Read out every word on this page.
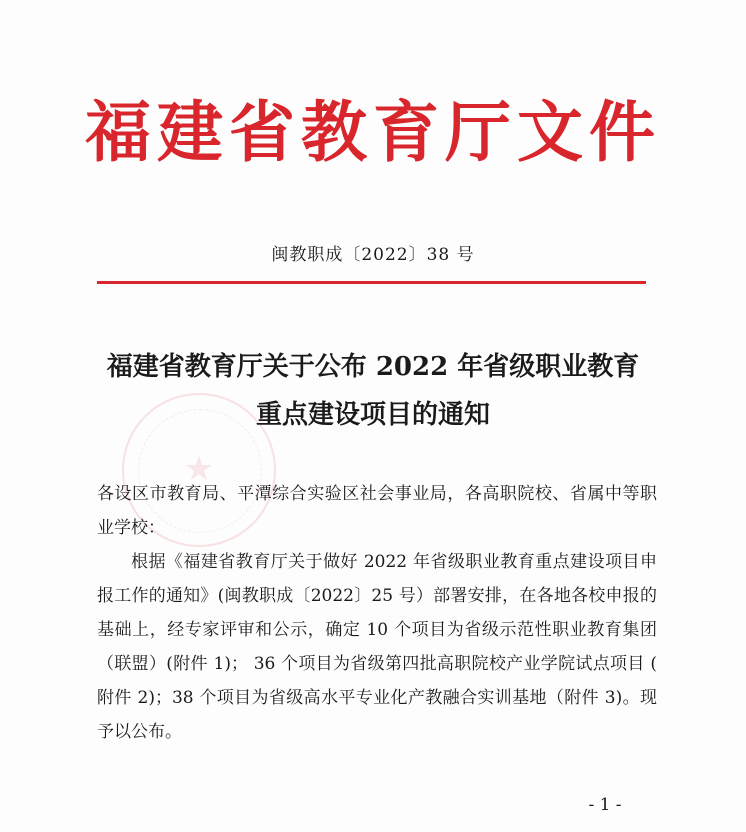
福建省教育厅文件
闽教职成〔2022〕38 号
★
福建省教育厅关于公布 2022 年省级职业教育
重点建设项目的通知

各设区市教育局、平潭综合实验区社会事业局，各高职院校、省属中等职业学校：

根据《福建省教育厅关于做好 2022 年省级职业教育重点建设项目申报工作的通知》(闽教职成〔2022〕25 号）部署安排，在各地各校申报的基础上，经专家评审和公示，确定 10 个项目为省级示范性职业教育集团（联盟）(附件 1)； 36 个项目为省级第四批高职院校产业学院试点项目 ( 附件 2)；38 个项目为省级高水平专业化产教融合实训基地（附件 3)。现予以公布。

- 1 -
